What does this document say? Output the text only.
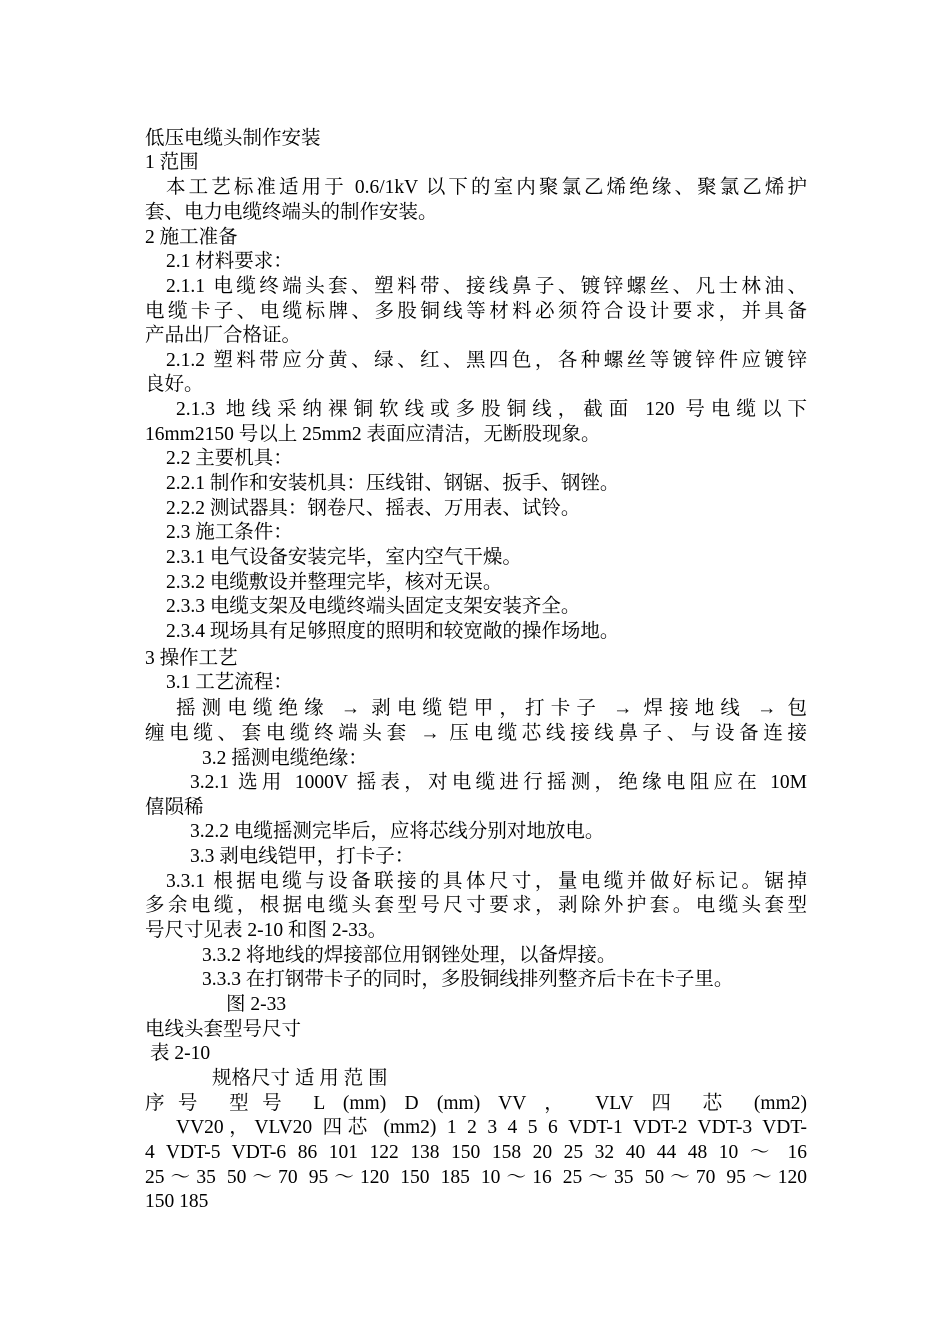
低压电缆头制作安装
1 范围
本工艺标准适用于 0.6/1kV 以下的室内聚氯乙烯绝缘、聚氯乙烯护
套、电力电缆终端头的制作安装。
2 施工准备
2.1 材料要求：
2.1.1 电缆终端头套、塑料带、接线鼻子、镀锌螺丝、凡士林油、
电缆卡子、电缆标牌、多股铜线等材料必须符合设计要求，并具备
产品出厂合格证。
2.1.2 塑料带应分黄、绿、红、黑四色，各种螺丝等镀锌件应镀锌
良好。
2.1.3 地线采纳裸铜软线或多股铜线，截面 120 号电缆以下
16mm2150 号以上 25mm2 表面应清洁，无断股现象。
2.2 主要机具：
2.2.1 制作和安装机具：压线钳、钢锯、扳手、钢锉。
2.2.2 测试器具：钢卷尺、摇表、万用表、试铃。
2.3 施工条件：
2.3.1 电气设备安装完毕，室内空气干燥。
2.3.2 电缆敷设并整理完毕，核对无误。
2.3.3 电缆支架及电缆终端头固定支架安装齐全。
2.3.4 现场具有足够照度的照明和较宽敞的操作场地。
3 操作工艺
3.1 工艺流程：
摇测电缆绝缘 → 剥电缆铠甲，打卡子 → 焊接地线 → 包
缠电缆、套电缆终端头套 → 压电缆芯线接线鼻子、与设备连接
3.2 摇测电缆绝缘：
3.2.1 选用 1000V 摇表，对电缆进行摇测，绝缘电阻应在 10M
僖陨稀
3.2.2 电缆摇测完毕后，应将芯线分别对地放电。
3.3 剥电线铠甲，打卡子：
3.3.1 根据电缆与设备联接的具体尺寸，量电缆并做好标记。锯掉
多余电缆，根据电缆头套型号尺寸要求，剥除外护套。电缆头套型
号尺寸见表 2-10 和图 2-33。
3.3.2 将地线的焊接部位用钢锉处理，以备焊接。
3.3.3 在打钢带卡子的同时，多股铜线排列整齐后卡在卡子里。
图 2-33
电线头套型号尺寸
表 2-10
规格尺寸 适 用 范 围
序号 型号 L (mm) D (mm) VV ， VLV 四 芯 (mm2)
VV20，VLV20 四芯 (mm2) 1 2 3 4 5 6 VDT-1 VDT-2 VDT-3 VDT-
4 VDT-5 VDT-6 86 101 122 138 150 158 20 25 32 40 44 48 10 ～ 16
25～35 50～70 95～120 150 185 10～16 25～35 50～70 95～120
150 185
